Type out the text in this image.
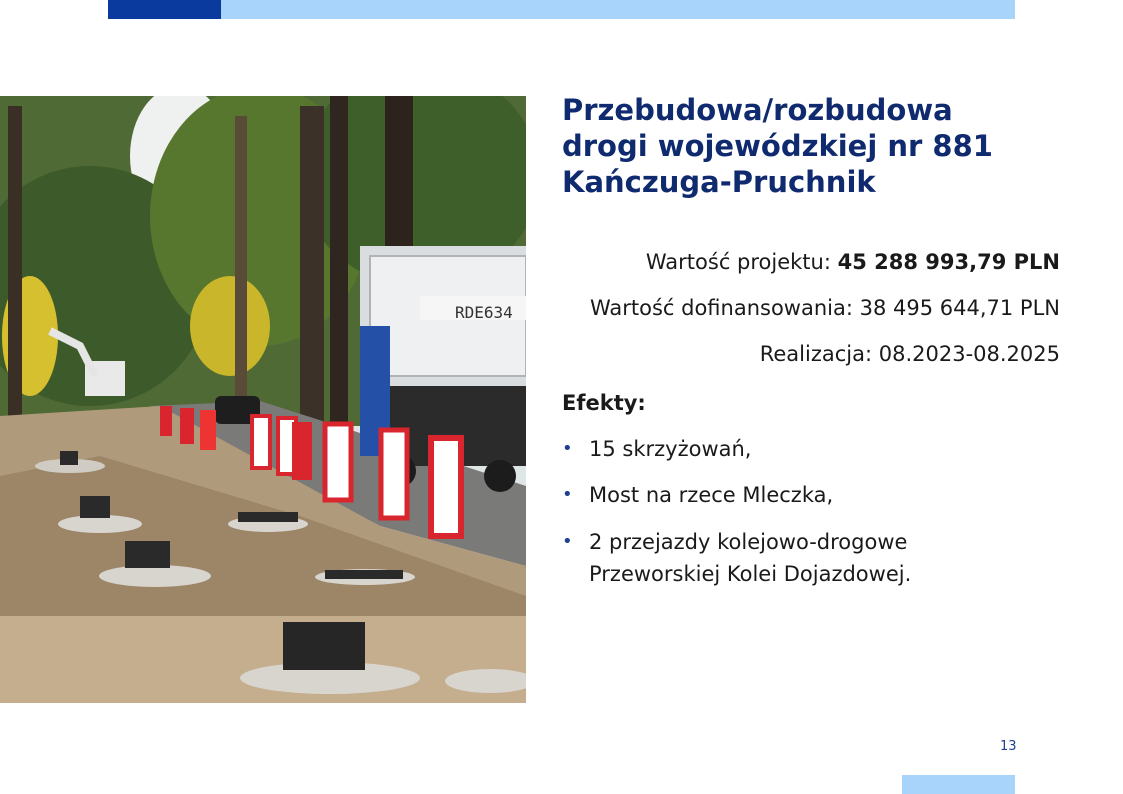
RDE634
Przebudowa/rozbudowa
drogi wojewódzkiej nr 881
Kańczuga-Pruchnik
Wartość projektu: 45 288 993,79 PLN
Wartość dofinansowania: 38 495 644,71 PLN
Realizacja: 08.2023-08.2025
Efekty:
• 15 skrzyżowań,
• Most na rzece Mleczka,
• 2 przejazdy kolejowo-drogowe Przeworskiej Kolei Dojazdowej.
13
